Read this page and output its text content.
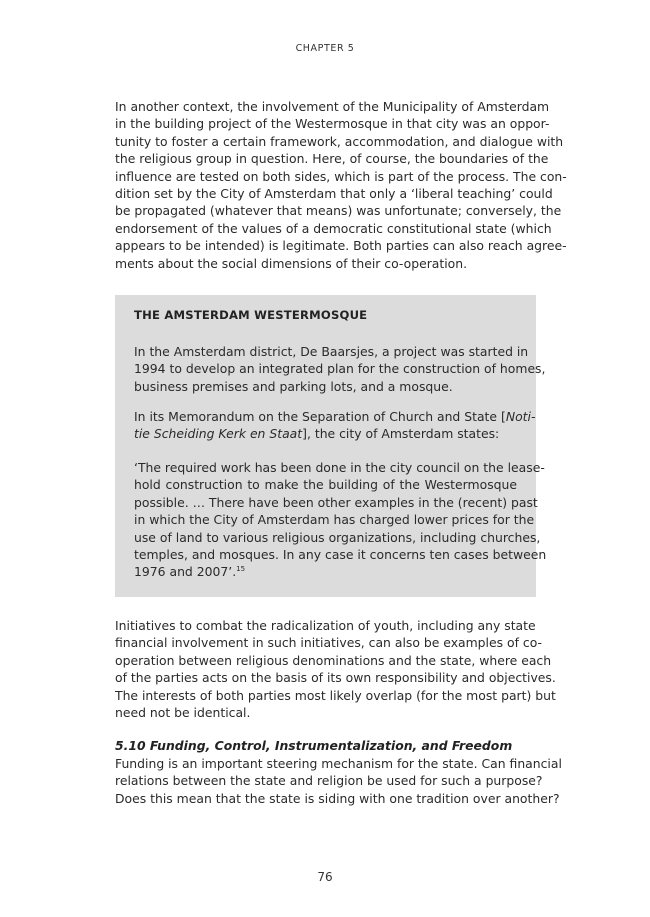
CHAPTER 5
In another context, the involvement of the Municipality of Amsterdam
in the building project of the Westermosque in that city was an oppor-
tunity to foster a certain framework, accommodation, and dialogue with
the religious group in question. Here, of course, the boundaries of the
influence are tested on both sides, which is part of the process. The con-
dition set by the City of Amsterdam that only a ‘liberal teaching’ could
be propagated (whatever that means) was unfortunate; conversely, the
endorsement of the values of a democratic constitutional state (which
appears to be intended) is legitimate. Both parties can also reach agree-
ments about the social dimensions of their co-operation.
THE AMSTERDAM WESTERMOSQUE
In the Amsterdam district, De Baarsjes, a project was started in
1994 to develop an integrated plan for the construction of homes,
business premises and parking lots, and a mosque.
In its Memorandum on the Separation of Church and State [Noti-
tie Scheiding Kerk en Staat], the city of Amsterdam states:
‘The required work has been done in the city council on the lease-
hold construction to make the building of the Westermosque
possible. … There have been other examples in the (recent) past
in which the City of Amsterdam has charged lower prices for the
use of land to various religious organizations, including churches,
temples, and mosques. In any case it concerns ten cases between
1976 and 2007’.$^{15}$
Initiatives to combat the radicalization of youth, including any state
financial involvement in such initiatives, can also be examples of co-
operation between religious denominations and the state, where each
of the parties acts on the basis of its own responsibility and objectives.
The interests of both parties most likely overlap (for the most part) but
need not be identical.
5.10 Funding, Control, Instrumentalization, and Freedom
Funding is an important steering mechanism for the state. Can financial
relations between the state and religion be used for such a purpose?
Does this mean that the state is siding with one tradition over another?
76
